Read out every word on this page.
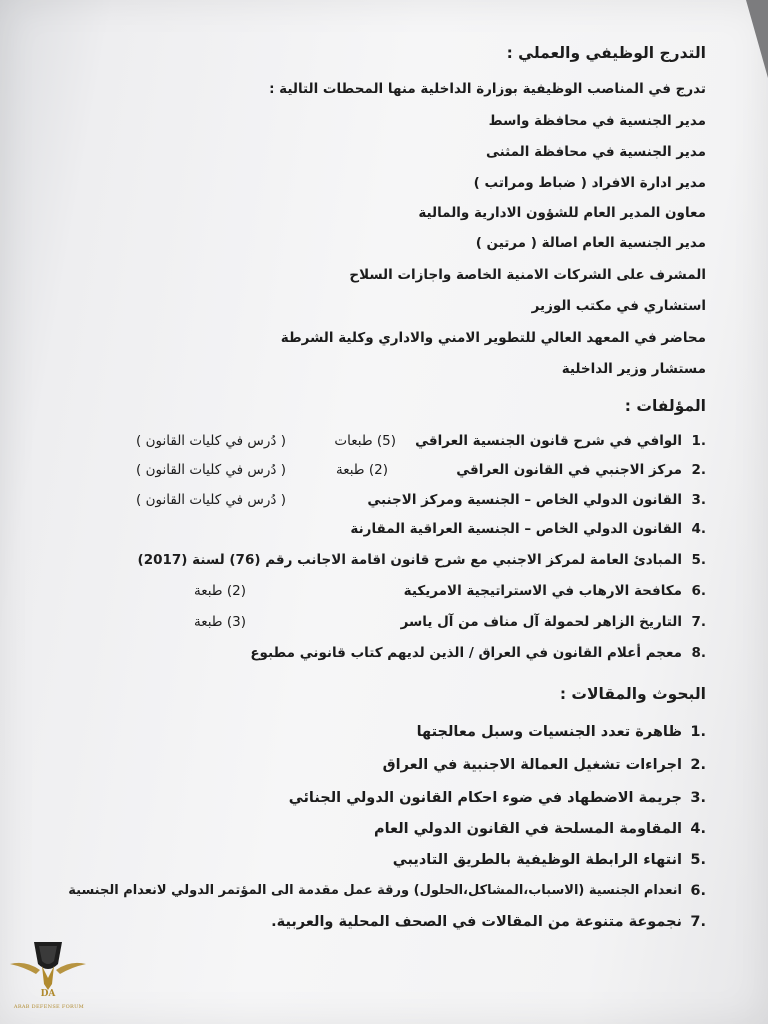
التدرج الوظيفي والعملي :
تدرج في المناصب الوظيفية بوزارة الداخلية منها المحطات التالية :
مدير الجنسية في محافظة واسط
مدير الجنسية في محافظة المثنى
مدير ادارة الافراد ( ضباط ومراتب )
معاون المدير العام للشؤون الادارية والمالية
مدير الجنسية العام اصالة ( مرتين )
المشرف على الشركات الامنية الخاصة واجازات السلاح
استشاري في مكتب الوزير
محاضر في المعهد العالي للتطوير الامني والاداري وكلية الشرطة
مستشار وزير الداخلية
المؤلفات :
1.
الوافي في شرح قانون الجنسية العراقي
(5) طبعات
( دُرس في كليات القانون )
2.
مركز الاجنبي في القانون العراقي
(2) طبعة
( دُرس في كليات القانون )
3.
القانون الدولي الخاص – الجنسية ومركز الاجنبي
( دُرس في كليات القانون )
4.
القانون الدولي الخاص – الجنسية العراقية المقارنة
5.
المبادئ العامة لمركز الاجنبي مع شرح قانون اقامة الاجانب رقم (76) لسنة (2017)
6.
مكافحة الارهاب في الاستراتيجية الامريكية
(2) طبعة
7.
التاريخ الزاهر لحمولة آل مناف من آل ياسر
(3) طبعة
8.
معجم أعلام القانون في العراق / الذين لديهم كتاب قانوني مطبوع
البحوث والمقالات :
1.
ظاهرة تعدد الجنسيات وسبل معالجتها
2.
اجراءات تشغيل العمالة الاجنبية في العراق
3.
جريمة الاضطهاد في ضوء احكام القانون الدولي الجنائي
4.
المقاومة المسلحة في القانون الدولي العام
5.
انتهاء الرابطة الوظيفية بالطريق التاديبي
6.
انعدام الجنسية (الاسباب،المشاكل،الحلول) ورقة عمل مقدمة الى المؤتمر الدولي لانعدام الجنسية
7.
نجموعة متنوعة من المقالات في الصحف المحلية والعربية.
DA
ARAB DEFENSE FORUM
